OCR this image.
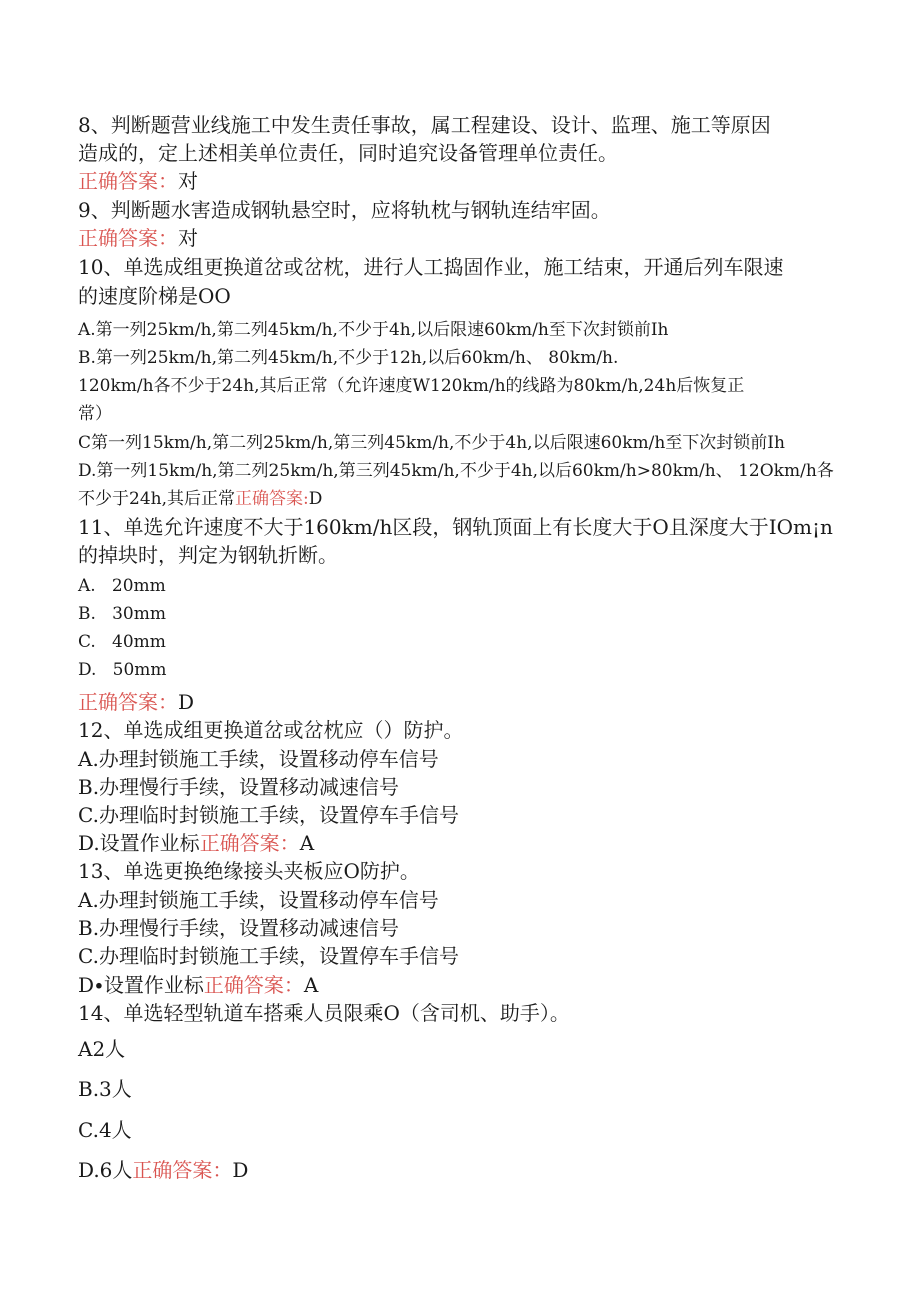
8、判断题营业线施工中发生责任事故，属工程建设、设计、监理、施工等原因
造成的，定上述相美单位责任，同时追究设备管理单位责任。
正确答案：对
9、判断题水害造成钢轨悬空时，应将轨枕与钢轨连结牢固。
正确答案：对
10、单选成组更换道岔或岔枕，进行人工捣固作业，施工结束，开通后列车限速
的速度阶梯是OO
A.第一列25km∕h,第二列45km∕h,不少于4h,以后限速60km∕h至下次封锁前Ih
B.第一列25km∕h,第二列45km∕h,不少于12h,以后60km/h、 80km∕h.
120km∕h各不少于24h,其后正常（允许速度W120km∕h的线路为80km∕h,24h后恢复正
常）
C第一列15km∕h,第二列25km∕h,第三列45km∕h,不少于4h,以后限速60km∕h至下次封锁前Ih
D.第一列15km∕h,第二列25km∕h,第三列45km∕h,不少于4h,以后60km∕h>80km/h、 12Okm∕h各
不少于24h,其后正常正确答案:D
11、单选允许速度不大于160km∕h区段，钢轨顶面上有长度大于O且深度大于IOm¡n
的掉块时，判定为钢轨折断。
A.   20mm
B.   30mm
C.   40mm
D.   50mm
正确答案：D
12、单选成组更换道岔或岔枕应（）防护。
A.办理封锁施工手续，设置移动停车信号
B.办理慢行手续，设置移动减速信号
C.办理临时封锁施工手续，设置停车手信号
D.设置作业标正确答案：A
13、单选更换绝缘接头夹板应O防护。
A.办理封锁施工手续，设置移动停车信号
B.办理慢行手续，设置移动减速信号
C.办理临时封锁施工手续，设置停车手信号
D∙设置作业标正确答案：A
14、单选轻型轨道车搭乘人员限乘O（含司机、助手）。
A2人
B.3人
C.4人
D.6人正确答案：D
